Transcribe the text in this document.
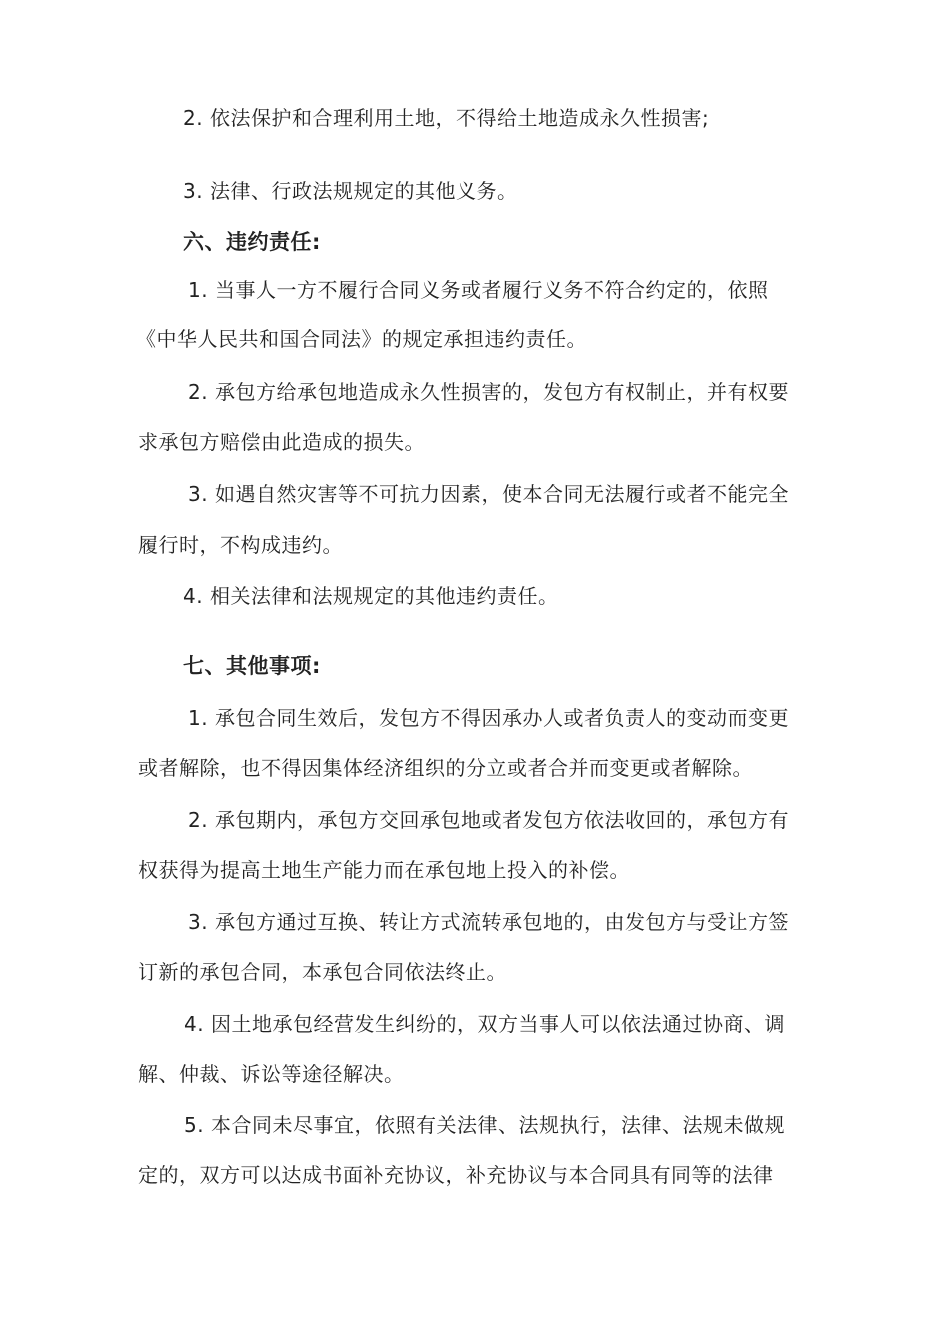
2. 依法保护和合理利用土地，不得给土地造成永久性损害;
3. 法律、行政法规规定的其他义务。
六、违约责任:
1. 当事人一方不履行合同义务或者履行义务不符合约定的，依照
《中华人民共和国合同法》的规定承担违约责任。
2. 承包方给承包地造成永久性损害的，发包方有权制止，并有权要
求承包方赔偿由此造成的损失。
3. 如遇自然灾害等不可抗力因素，使本合同无法履行或者不能完全
履行时，不构成违约。
4. 相关法律和法规规定的其他违约责任。
七、其他事项:
1. 承包合同生效后，发包方不得因承办人或者负责人的变动而变更
或者解除，也不得因集体经济组织的分立或者合并而变更或者解除。
2. 承包期内，承包方交回承包地或者发包方依法收回的，承包方有
权获得为提高土地生产能力而在承包地上投入的补偿。
3. 承包方通过互换、转让方式流转承包地的，由发包方与受让方签
订新的承包合同，本承包合同依法终止。
4. 因土地承包经营发生纠纷的，双方当事人可以依法通过协商、调
解、仲裁、诉讼等途径解决。
5. 本合同未尽事宜，依照有关法律、法规执行，法律、法规未做规
定的，双方可以达成书面补充协议，补充协议与本合同具有同等的法律
